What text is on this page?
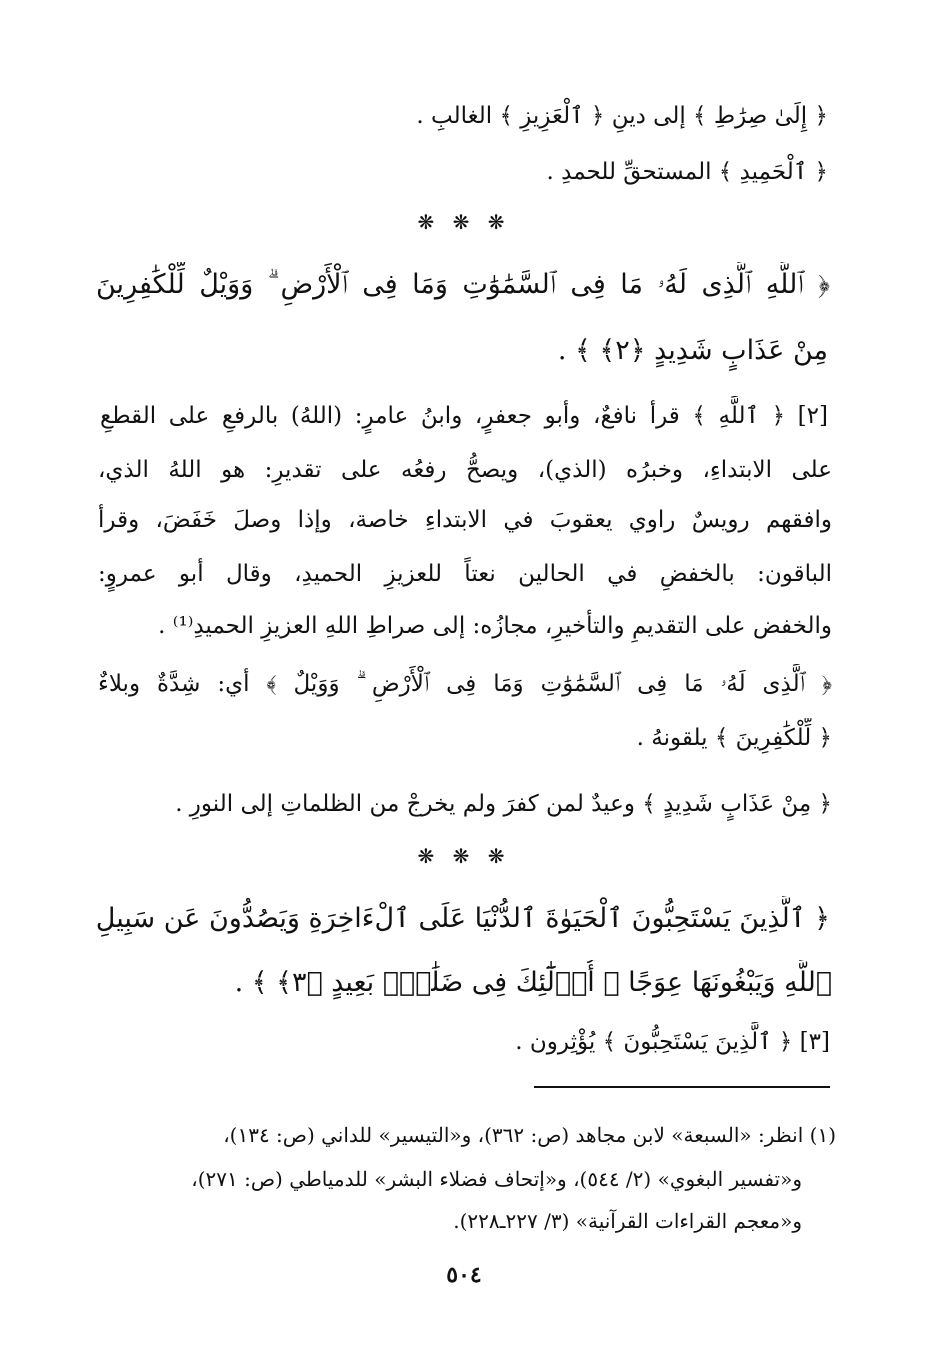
﴿ إِلَىٰ صِرَٰطِ ﴾ إلى دينِ ﴿ ٱلْعَزِيزِ ﴾ الغالبِ .
﴿ ٱلْحَمِيدِ ﴾ المستحقِّ للحمدِ .
❋ ❋ ❋
﴿ ٱللَّهِ ٱلَّذِى لَهُۥ مَا فِى ٱلسَّمَٰوَٰتِ وَمَا فِى ٱلْأَرْضِ ۗ وَوَيْلٌ لِّلْكَٰفِرِينَ
مِنْ عَذَابٍ شَدِيدٍ ﴿٢﴾ ﴾ .
[٢] ﴿ ٱللَّهِ ﴾ قرأ نافعٌ، وأبو جعفرٍ، وابنُ عامرٍ: (اللهُ) بالرفعِ على القطعِ
على الابتداءِ، وخبرُه (الذي)، ويصحُّ رفعُه على تقديرِ: هو اللهُ الذي،
وافقهم رويسٌ راوي يعقوبَ في الابتداءِ خاصة، وإذا وصلَ خَفَضَ، وقرأ
الباقون: بالخفضِ في الحالين نعتاً للعزيزِ الحميدِ، وقال أبو عمروٍ:
والخفض على التقديمِ والتأخيرِ، مجازُه: إلى صراطِ اللهِ العزيزِ الحميدِ⁽¹⁾ .
﴿ ٱلَّذِى لَهُۥ مَا فِى ٱلسَّمَٰوَٰتِ وَمَا فِى ٱلْأَرْضِ ۗ وَوَيْلٌ ﴾ أي: شِدَّةٌ وبلاءٌ
﴿ لِّلْكَٰفِرِينَ ﴾ يلقونهُ .
﴿ مِنْ عَذَابٍ شَدِيدٍ ﴾ وعيدٌ لمن كفرَ ولم يخرجْ من الظلماتِ إلى النورِ .
❋ ❋ ❋
﴿ ٱلَّذِينَ يَسْتَحِبُّونَ ٱلْحَيَوٰةَ ٱلدُّنْيَا عَلَى ٱلْءَاخِرَةِ وَيَصُدُّونَ عَن سَبِيلِ
ٱللَّهِ وَيَبْغُونَهَا عِوَجًا ۚ أُو۟لَٰٓئِكَ فِى ضَلَٰلٍۭ بَعِيدٍ ﴿٣﴾ ﴾ .
[٣] ﴿ ٱلَّذِينَ يَسْتَحِبُّونَ ﴾ يُؤْثِرون .
(١) انظر: «السبعة» لابن مجاهد (ص: ٣٦٢)، و«التيسير» للداني (ص: ١٣٤)،
و«تفسير البغوي» (٢/ ٥٤٤)، و«إتحاف فضلاء البشر» للدمياطي (ص: ٢٧١)،
و«معجم القراءات القرآنية» (٣/ ٢٢٧ـ٢٢٨).
٥٠٤
